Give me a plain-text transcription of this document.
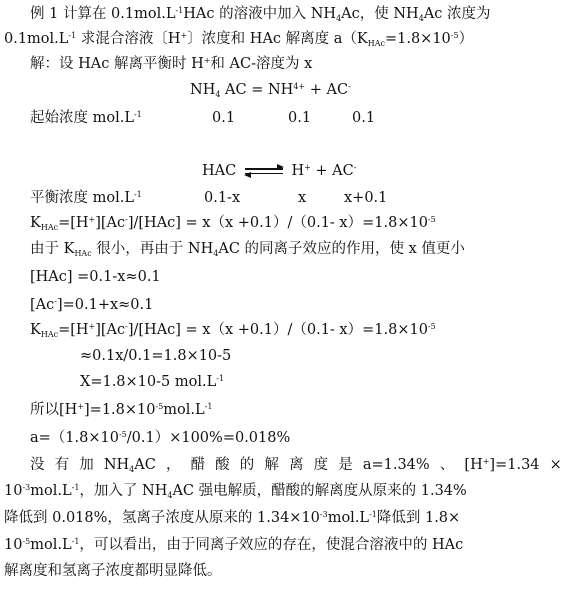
例 1 计算在 $0.1mol.L^{-1}HAc$ 的溶液中加入 $NH_4Ac$，使 $NH_4Ac$ 浓度为
$0.1mol.L^{-1}$ 求混合溶液〔H+〕浓度和 HAc 解离度 $a(K_{HAc}=1.8\times 10^{-5})$
解：设 HAc 解离平衡时 H+和 AC-溶度为 x
$NH_4$ AC = $NH^{4+} + AC^-$
起始浓度 $mol.L^{-1}$	0.1	0.1	0.1
HAC	H+ + AC-
平衡浓度 $mol.L^{-1}$	0.1-x	x	x+0.1
$K_{HAc}=[H^+][Ac^-]/[HAc] = x(x +0.1)/(0.1-$ $x)=1.8\times 10^{-5}$
由于 $K_{HAc}$ 很小，再由于 $NH_4AC$ 的同离子效应的作用，使 x 值更小
[HAc] =0.1-x≈0.1
[Ac-]=0.1+x≈0.1
$K_{HAc}=[H^+][Ac^-]/[HAc] = x(x +0.1)/(0.1-$ $x)=1.8\times 10^{-5}$
≈0.1x/0.1=1.8×10-5
X=1.8×10-5 $mol.L^{-1}$
所以$[H^+]=1.8\times 10^{-5}mol.L^{-1}$
$a=(1.8\times 10^{-5}/0.1)\times 100\%=0.018\%$
没 有 加 $NH_4AC$ ， 醋 酸 的 解 离 度 是 a=1.34% 、 [H+]=1.34 ×
$10^{-3}mol.L^{-1}$，加入了 $NH_4AC$ 强电解质，醋酸的解离度从原来的 1.34%
降低到 0.018%，氢离子浓度从原来的 $1.34\times 10^{-3}mol.L^{-1}$降低到 1.8×
$10^{-5}mol.L^{-1}$，可以看出，由于同离子效应的存在，使混合溶液中的 HAc
解离度和氢离子浓度都明显降低。
